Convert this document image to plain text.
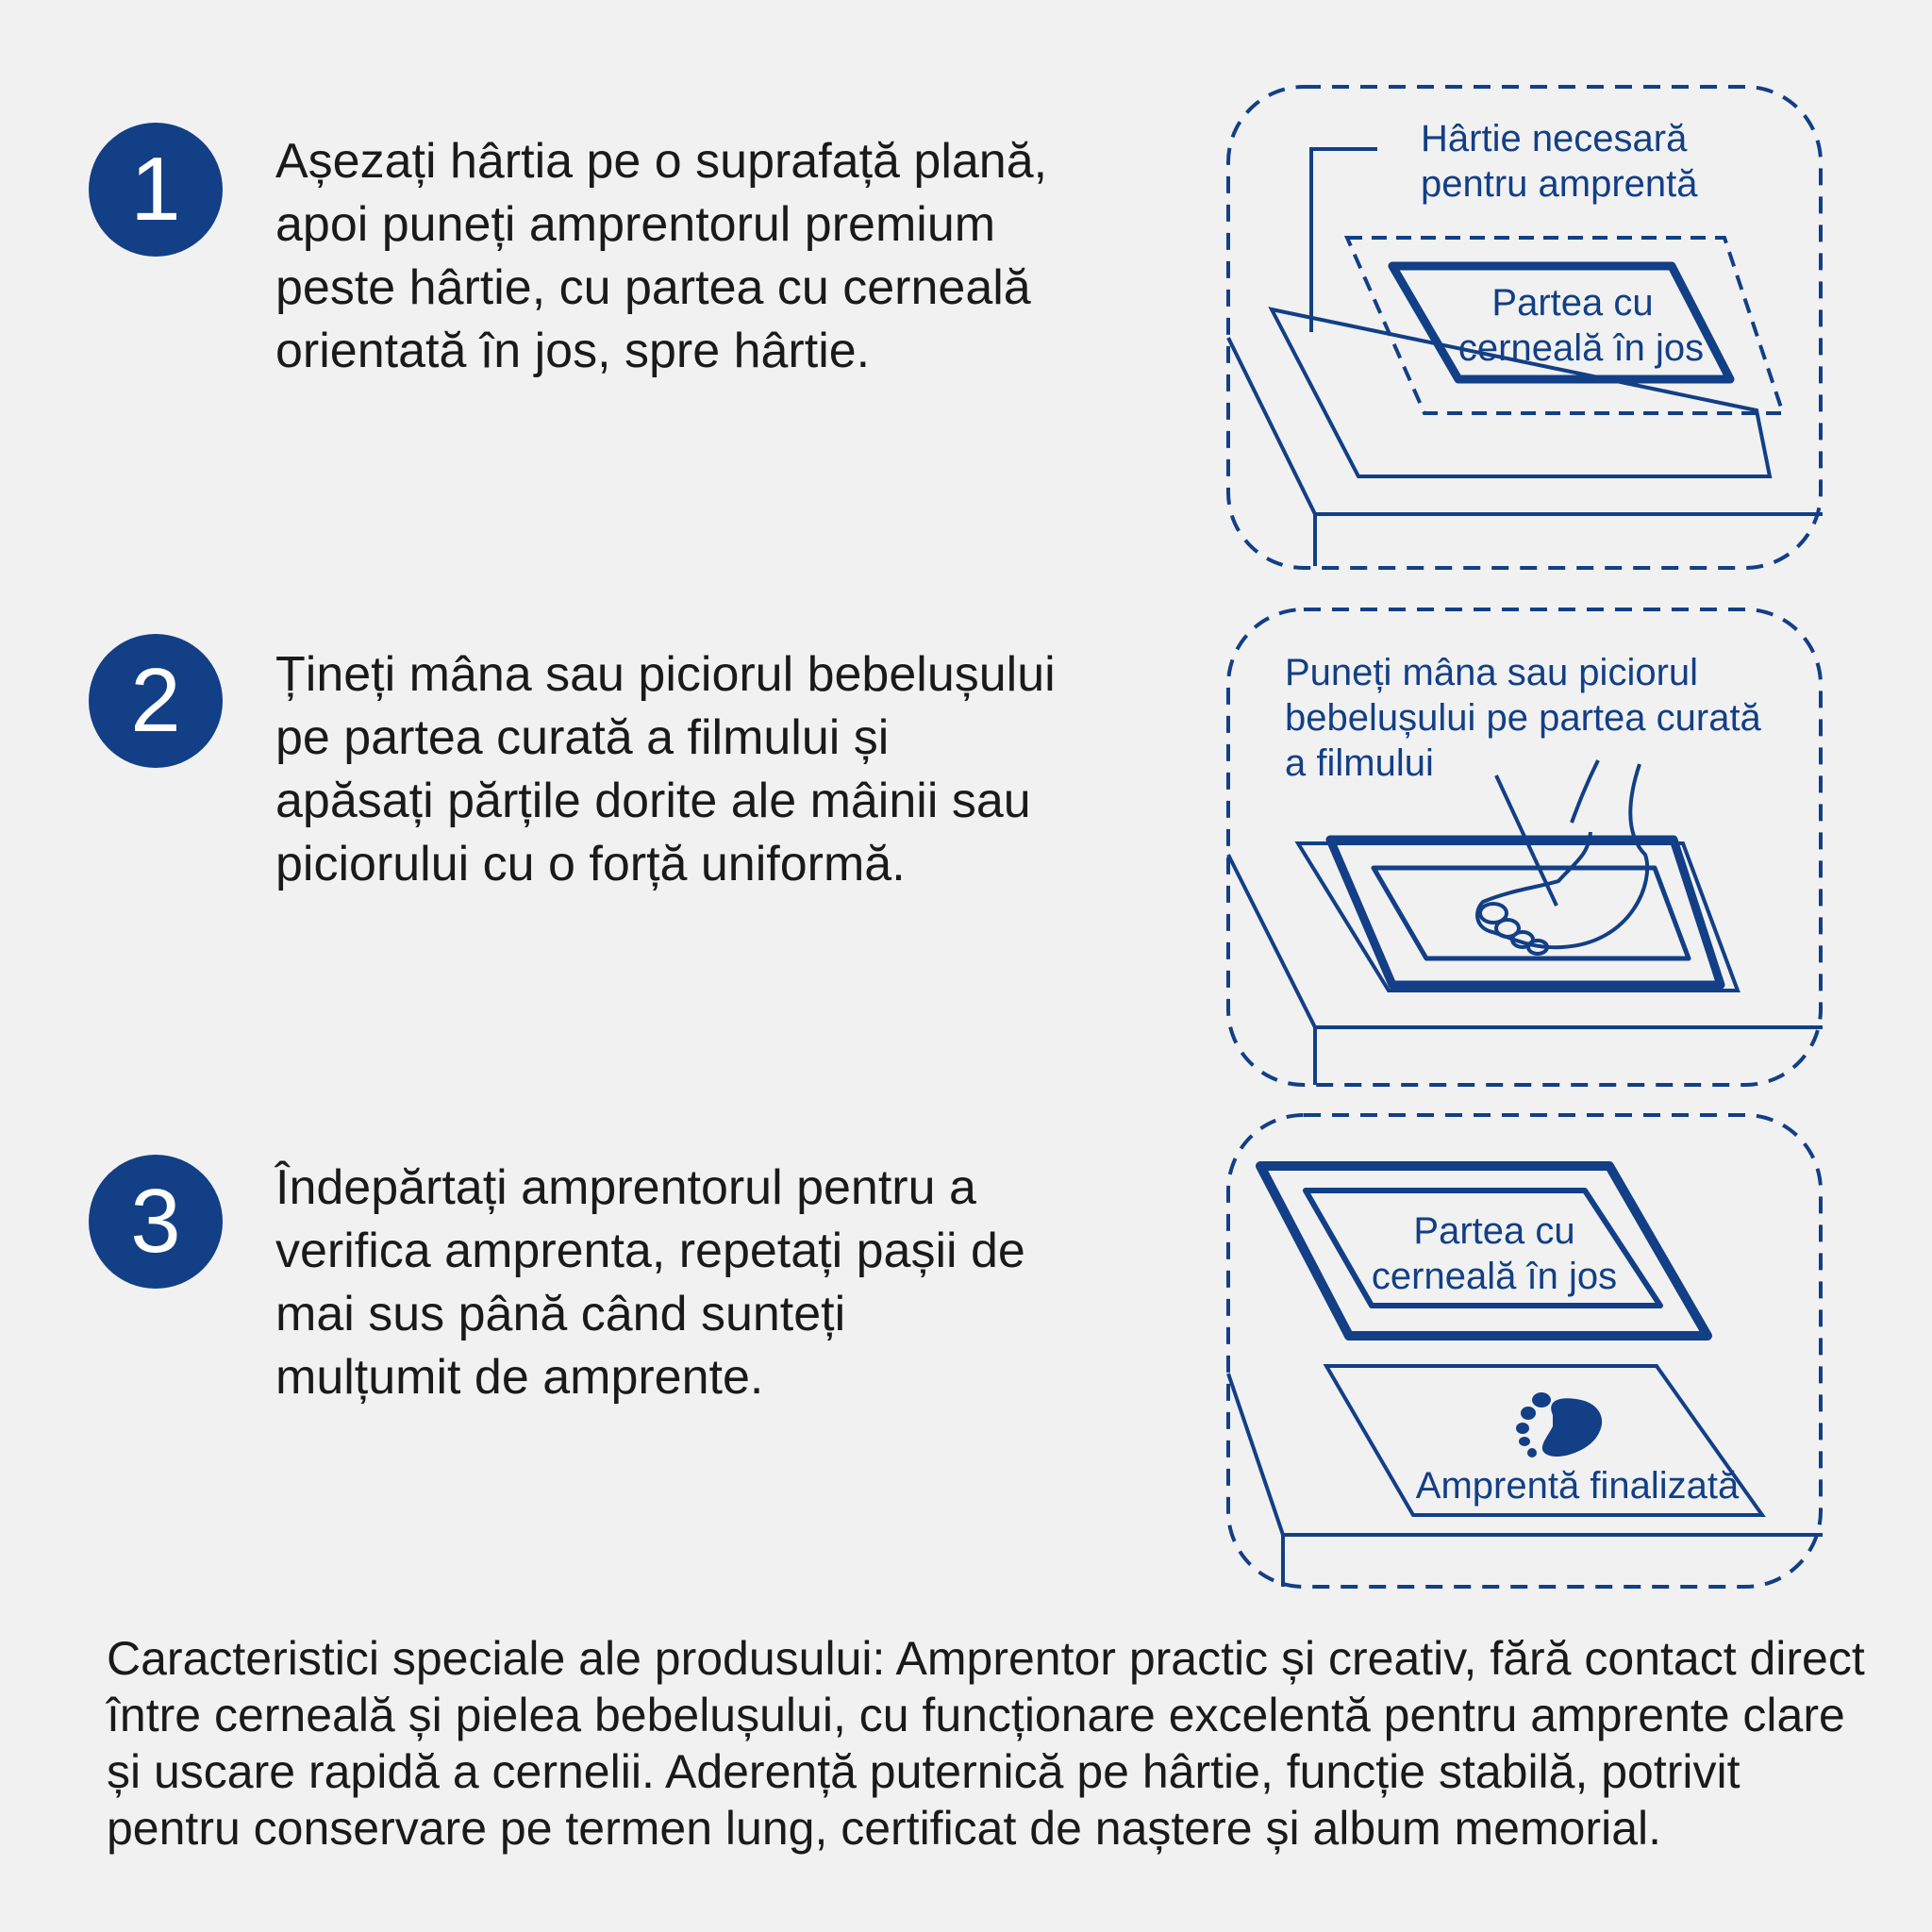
1	Așezați hârtia pe o suprafață plană,
apoi puneți amprentorul premium
peste hârtie, cu partea cu cerneală
orientată în jos, spre hârtie.

Hârtie necesară
pentru amprentă
Partea cu
cerneală în jos
2	Țineți mâna sau piciorul bebelușului
pe partea curată a filmului și
apăsați părțile dorite ale mâinii sau
piciorului cu o forță uniformă.

Puneți mâna sau piciorul
bebelușului pe partea curată
a filmului
3	Îndepărtați amprentorul pentru a
verifica amprenta, repetați pașii de
mai sus până când sunteți
mulțumit de amprente.

Partea cu
cerneală în jos
Amprentă finalizată

Caracteristici speciale ale produsului: Amprentor practic și creativ, fără contact direct între cerneală și pielea bebelușului, cu funcționare excelentă pentru amprente clare și uscare rapidă a cernelii. Aderență puternică pe hârtie, funcție stabilă, potrivit pentru conservare pe termen lung, certificat de naștere și album memorial.
